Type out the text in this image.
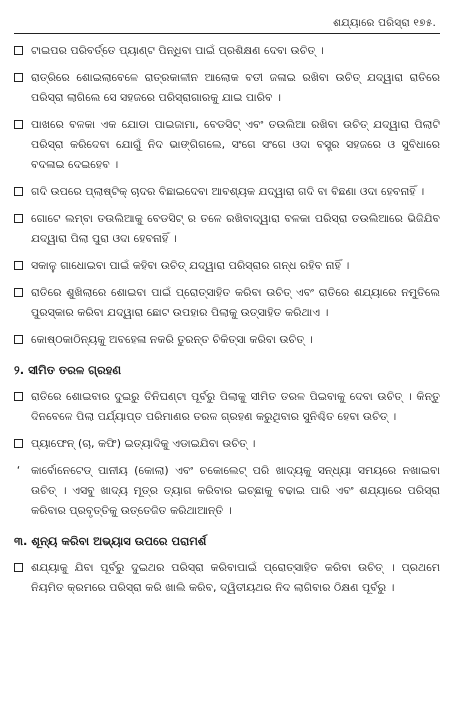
ଶଯ୍ୟାରେ ପରିସ୍ରା ୧୭୫.
ଟାଇପର ପରିବର୍ତ୍ତେ ପ୍ୟାଣ୍ଟ ପିନ୍ଧିବା ପାଇଁ ପ୍ରଶିକ୍ଷଣ ଦେବା ଉଚିତ୍ ।
ରାତ୍ରିରେ ଶୋଇଲାବେଳେ ରାତ୍ରକାଳୀନ ଆଲୋକ ବତୀ ଜଳାଇ ରଖିବା ଉଚିତ୍ ଯଦ୍ୱାରା ରାତିରେ ପରିସ୍ରା ଲାଗିଲେ ସେ ସହଜରେ ପରିସ୍ରାଗାରକୁ ଯାଇ ପାରିବ ।
ପାଖରେ ବଳକା ଏକ ଯୋଡା ପାଇଜାମା, ବେଡସିଟ୍ ଏବଂ ତଉଲିଆ ରଖିବା ଉଚିତ୍ ଯଦ୍ୱାରା ପିଲାଟି ପରିସ୍ରା କରିଦେବା ଯୋଗୁଁ ନିଦ ଭାଙ୍ଗିଗଲେ, ସଂଗେ ସଂଗେ ଓଦା ବସ୍ତ୍ର ସହଜରେ ଓ ସୁବିଧାରେ ବଦଳାଇ ଦେଇହେବ ।
ଗଦି ଉପରେ ପ୍ଲାଷ୍ଟିକ୍ ଚାଦର ବିଛାଇଦେବା ଆବଶ୍ୟକ ଯଦ୍ୱାରା ଗଦି ବା ବିଛଣା ଓଦା ହେବନାହିଁ ।
ଗୋଟେ ଲମ୍ବା ତଉଲିଆକୁ ବେଡସିଟ୍ ର ତଳେ ରଖିବାଦ୍ୱାରା ବଳକା ପରିସ୍ରା ତଉଲିଆରେ ଭିଜିଯିବ ଯଦ୍ୱାରା ପିଲା ପୁରା ଓଦା ହେବନାହିଁ ।
ସକାଳୁ ଗାଧୋଇବା ପାଇଁ କହିବା ଉଚିତ୍ ଯଦ୍ୱାରା ପରିସ୍ରାର ଗନ୍ଧ ରହିବ ନାହିଁ ।
ରାତିରେ ଶୁଖିଲାରେ ଶୋଇବା ପାଇଁ ପ୍ରୋତ୍ସାହିତ କରିବା ଉଚିତ୍ ଏବଂ ରାତିରେ ଶଯ୍ୟାରେ ନମୁତିଲେ ପୁରସ୍କାର କରିବା ଯଦ୍ୱାରା ଛୋଟ ଉପହାର ପିଲାକୁ ଉତ୍ସାହିତ କରିଥାଏ ।
କୋଷ୍ଠକାଠିନ୍ୟକୁ ଅବହେଳା ନକରି ତୁରନ୍ତ ଚିକିତ୍ସା କରିବା ଉଚିତ୍ ।
୨. ସୀମିତ ତରଳ ଗ୍ରହଣ
ରାତିରେ ଶୋଇବାର ଦୁଇରୁ ତିନିଘଣ୍ଟା ପୂର୍ବରୁ ପିଲାକୁ ସୀମିତ ତରଳ ପିଇବାକୁ ଦେବା ଉଚିତ୍ । କିନ୍ତୁ ଦିନବେଳେ ପିଲା ପର୍ଯ୍ୟାପ୍ତ ପରିମାଣର ତରଳ ଗ୍ରହଣ କରୁଥିବାର ସୁନିଶ୍ଚିତ ହେବା ଉଚିତ୍ ।
ପ୍ୟାଫେନ୍ (ଚା, କଫି) ଇତ୍ୟାଦିକୁ ଏଡାଇଯିବା ଉଚିତ୍ ।
‘ କାର୍ବୋନେଟେଡ୍ ପାନୀୟ (କୋଲା) ଏବଂ ଚକୋଲେଟ୍ ପରି ଖାଦ୍ୟକୁ ସନ୍ଧ୍ୟା ସମୟରେ ନଖାଇବା ଉଚିତ୍ । ଏସବୁ ଖାଦ୍ୟ ମୂତ୍ର ତ୍ୟାଗ କରିବାର ଇଚ୍ଛାକୁ ବଢାଇ ପାରି ଏବଂ ଶଯ୍ୟାରେ ପରିସ୍ରା କରିବାର ପ୍ରବୃତ୍ତିକୁ ଉତ୍ତେଜିତ କରିଥାଆନ୍ତି ।
୩. ଶୂନ୍ୟ କରିବା ଅଭ୍ୟାସ ଉପରେ ପରାମର୍ଶ
ଶଯ୍ୟାକୁ ଯିବା ପୂର୍ବରୁ ଦୁଇଥର ପରିସ୍ରା କରିବାପାଇଁ ପ୍ରୋତ୍ସାହିତ କରିବା ଉଚିତ୍ । ପ୍ରଥମେ ନିୟମିତ କ୍ରମରେ ପରିସ୍ରା କରି ଖାଲି କରିବ, ଦ୍ୱିତୀୟଥର ନିଦ ଲାଗିବାର ଠିକ୍ଷଣ ପୂର୍ବରୁ ।
